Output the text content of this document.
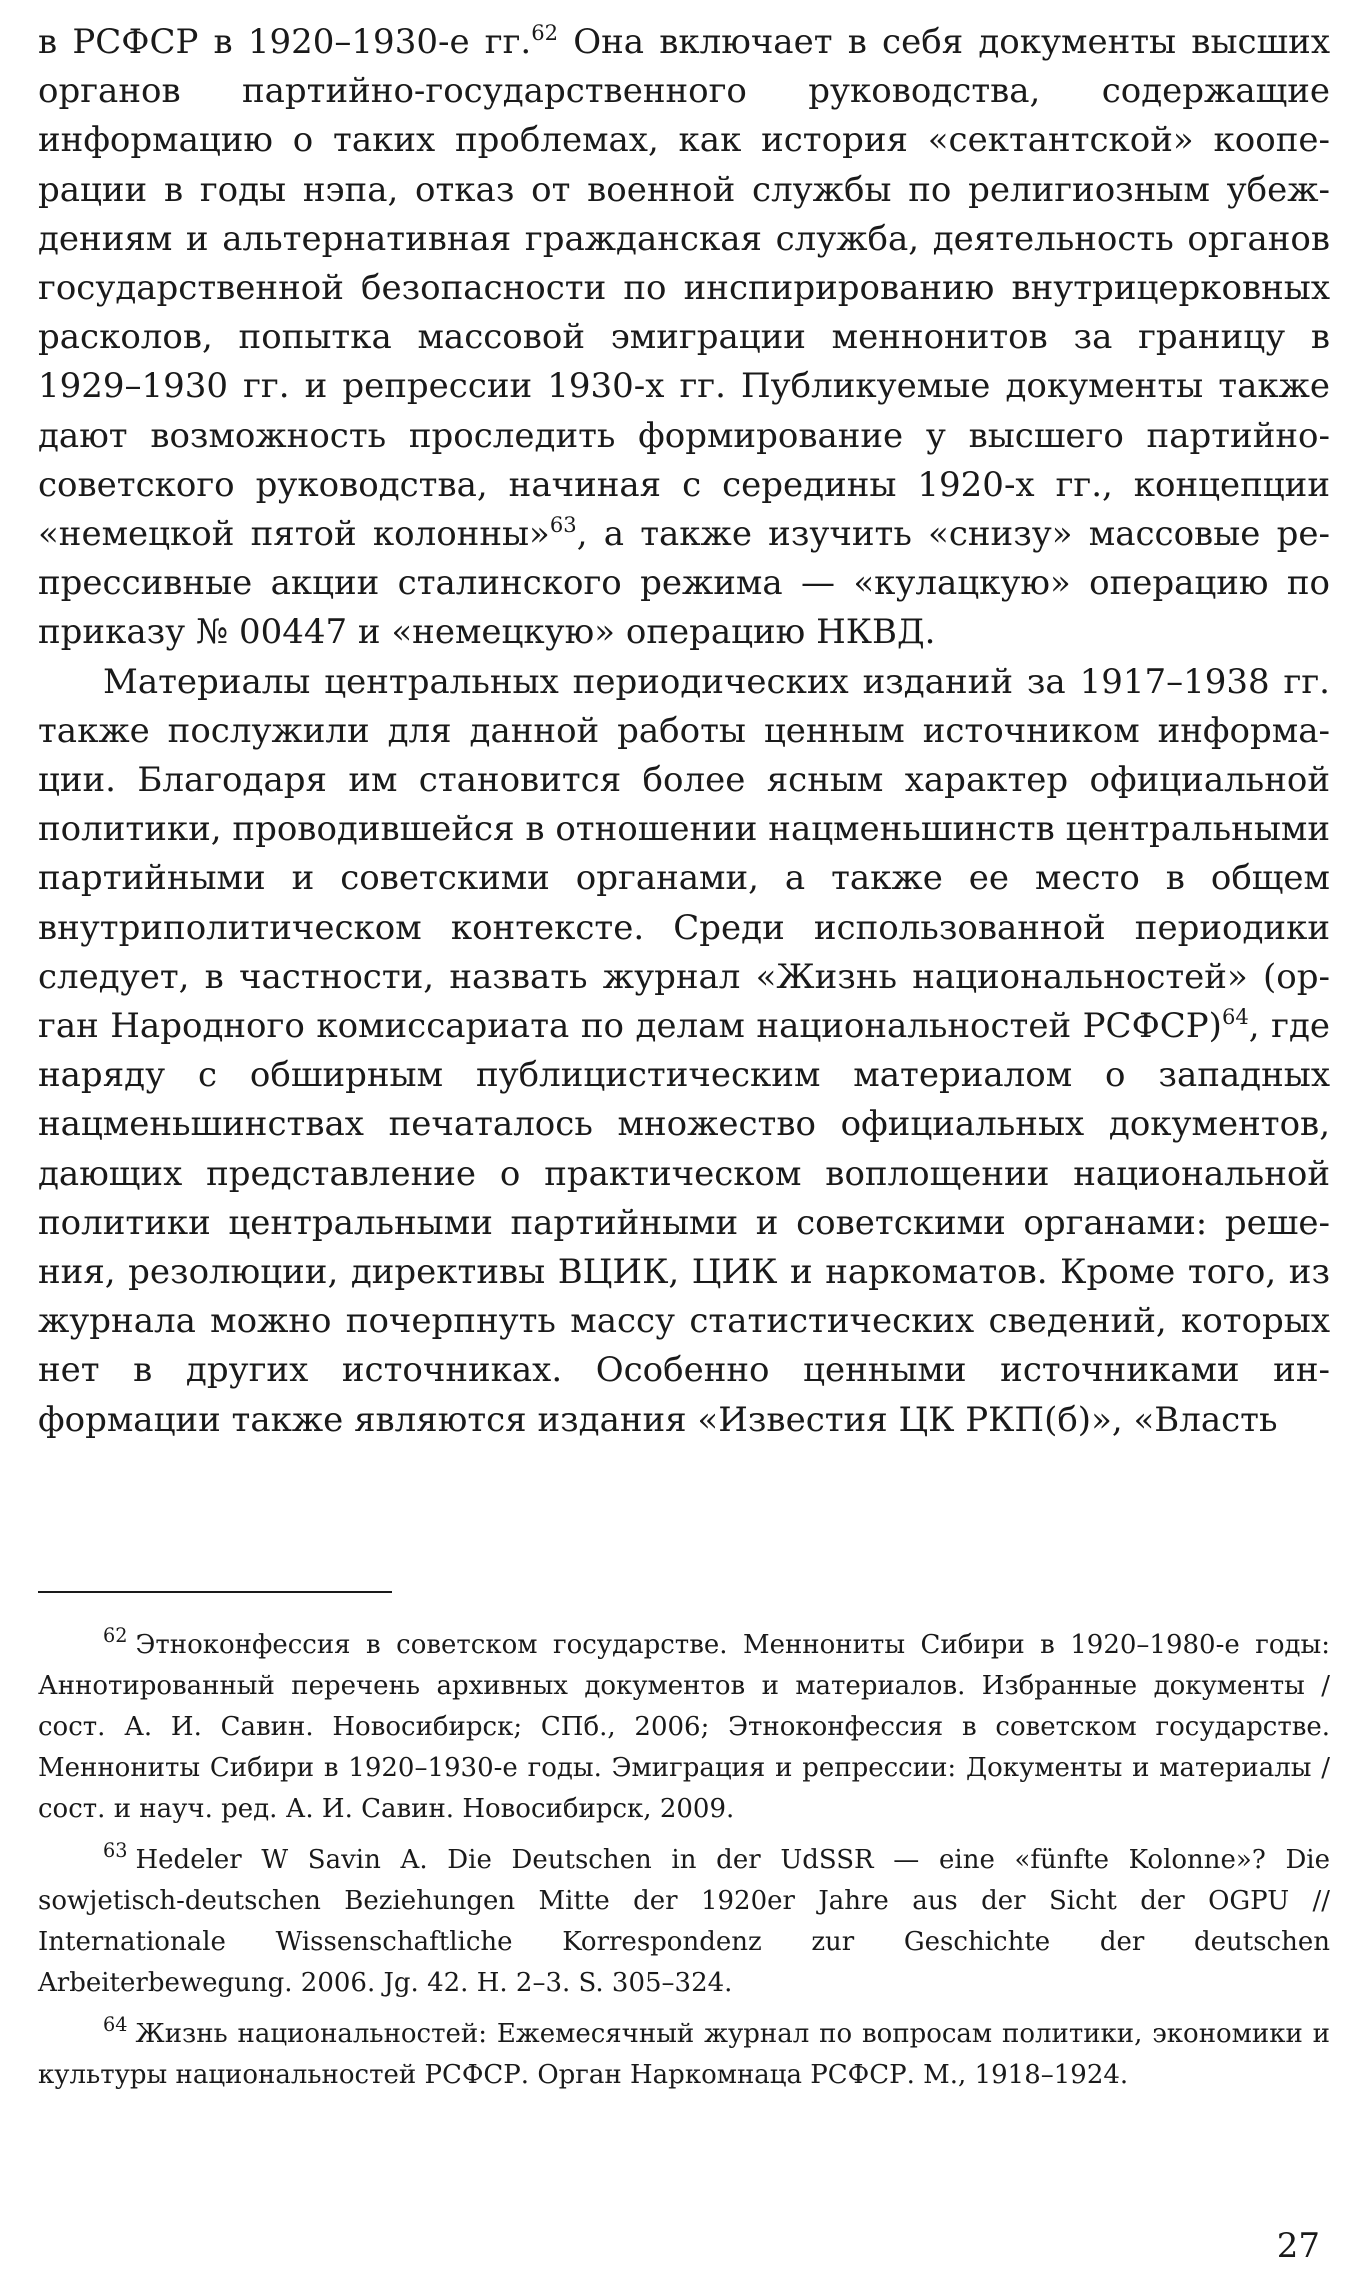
в РСФСР в 1920–1930-е гг.$^{62}$ Она включает в себя документы высших органов партийно-государственного руководства, содержащие информацию о таких проблемах, как история «сектантской» кооперации в годы нэпа, отказ от военной службы по религиозным убеждениям и альтернативная гражданская служба, деятельность органов государственной безопасности по инспирированию внутрицерковных расколов, попытка массовой эмиграции меннонитов за границу в 1929–1930 гг. и репрессии 1930-х гг. Публикуемые документы также дают возможность проследить формирование у высшего партийно-советского руководства, начиная с середины 1920-х гг., концепции «немецкой пятой колонны»$^{63}$, а также изучить «снизу» массовые репрессивные акции сталинского режима — «кулацкую» операцию по приказу № 00447 и «немецкую» операцию НКВД.

Материалы центральных периодических изданий за 1917–1938 гг. также послужили для данной работы ценным источником информации. Благодаря им становится более ясным характер официальной политики, проводившейся в отношении нацменьшинств центральными партийными и советскими органами, а также ее место в общем внутриполитическом контексте. Среди использованной периодики следует, в частности, назвать журнал «Жизнь национальностей» (орган Народного комиссариата по делам национальностей РСФСР)$^{64}$, где наряду с обширным публицистическим материалом о западных нацменьшинствах печаталось множество официальных документов, дающих представление о практическом воплощении национальной политики центральными партийными и советскими органами: решения, резолюции, директивы ВЦИК, ЦИК и наркоматов. Кроме того, из журнала можно почерпнуть массу статистических сведений, которых нет в других источниках. Особенно ценными источниками информации также являются издания «Известия ЦК РКП(б)», «Власть

$^{62}$ Этноконфессия в советском государстве. Меннониты Сибири в 1920–1980-е годы: Аннотированный перечень архивных документов и материалов. Избранные документы / сост. А. И. Савин. Новосибирск; СПб., 2006; Этноконфессия в советском государстве. Меннониты Сибири в 1920–1930-е годы. Эмиграция и репрессии: Документы и материалы / сост. и науч. ред. А. И. Савин. Новосибирск, 2009.

$^{63}$ Hedeler W Savin A. Die Deutschen in der UdSSR — eine «fünfte Kolonne»? Die sowjetisch-deutschen Beziehungen Mitte der 1920er Jahre aus der Sicht der OGPU // Internationale Wissenschaftliche Korrespondenz zur Geschichte der deutschen Arbeiterbewegung. 2006. Jg. 42. H. 2–3. S. 305–324.

$^{64}$ Жизнь национальностей: Ежемесячный журнал по вопросам политики, экономики и культуры национальностей РСФСР. Орган Наркомнаца РСФСР. М., 1918–1924.

27
